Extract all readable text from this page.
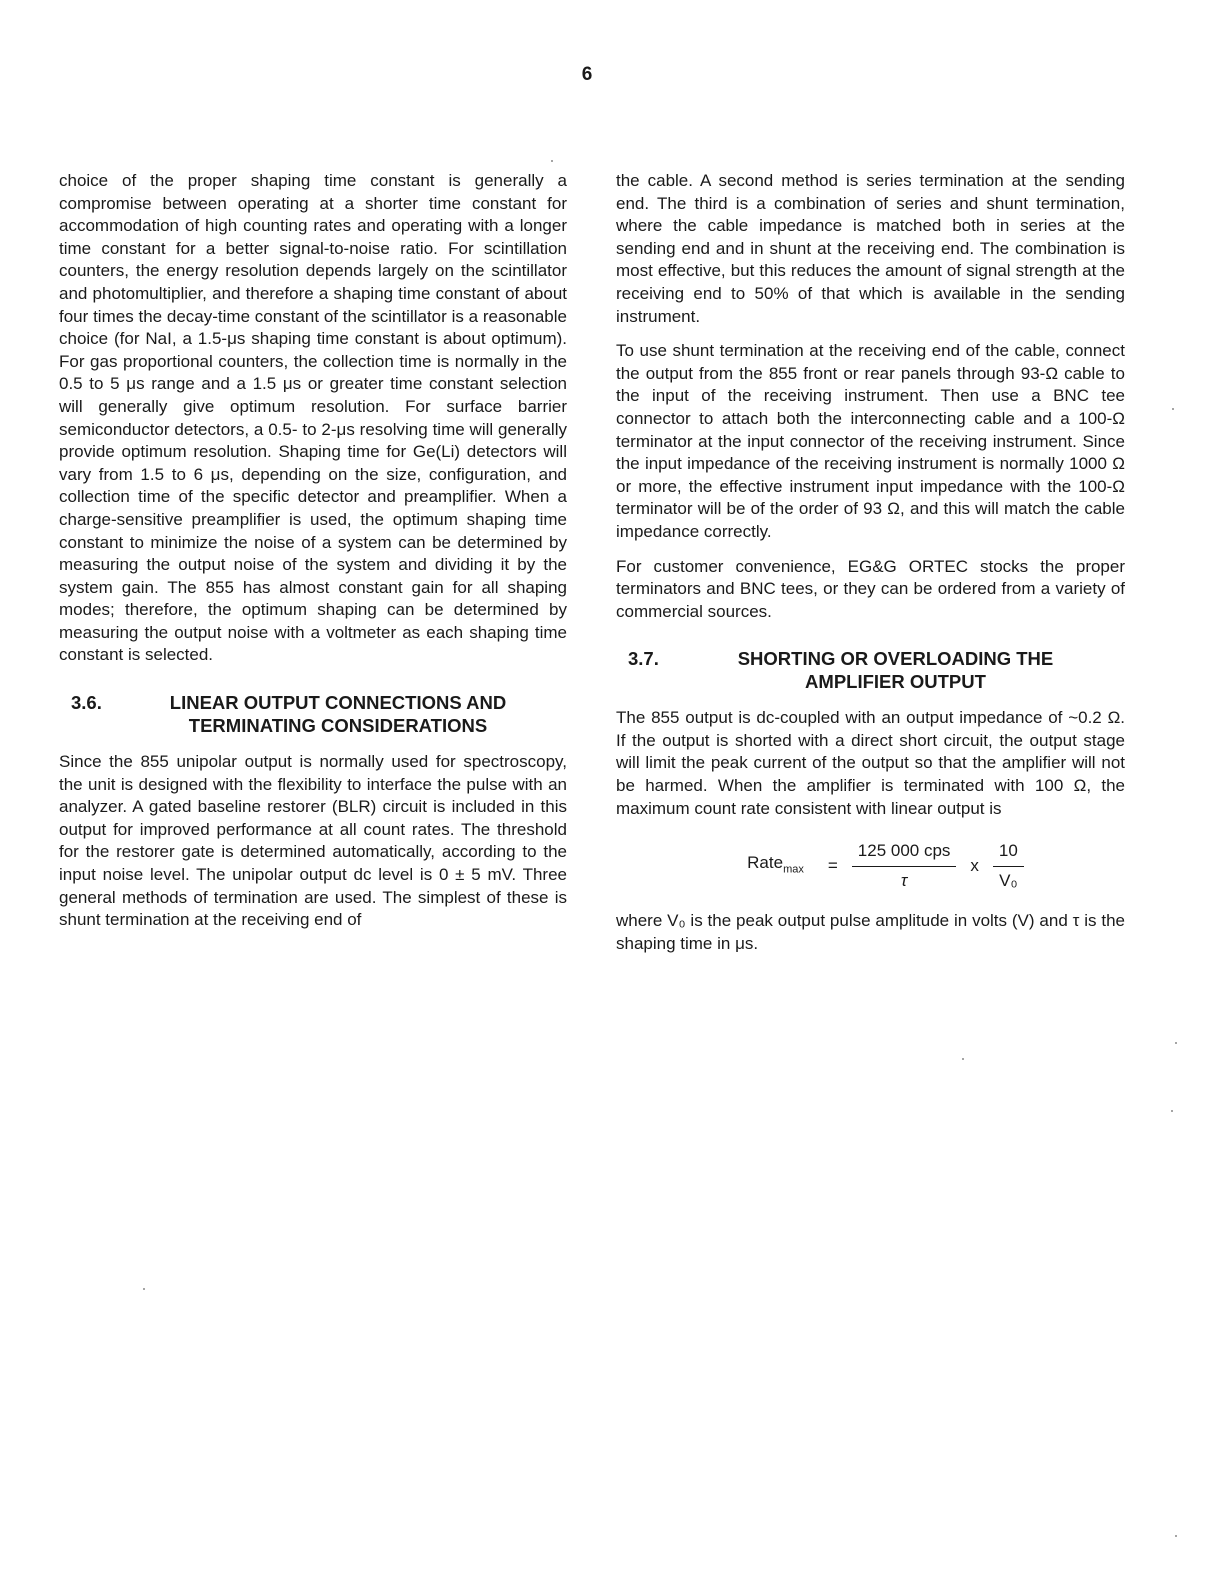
6

choice of the proper shaping time constant is generally a compromise between operating at a shorter time constant for accommodation of high counting rates and operating with a longer time constant for a better signal-to-noise ratio. For scintillation counters, the energy resolution depends largely on the scintillator and photomultiplier, and therefore a shaping time constant of about four times the decay-time constant of the scintillator is a reasonable choice (for NaI, a 1.5-μs shaping time constant is about optimum). For gas proportional counters, the collection time is normally in the 0.5 to 5 μs range and a 1.5 μs or greater time constant selection will generally give optimum resolution. For surface barrier semiconductor detectors, a 0.5- to 2-μs resolving time will generally provide optimum resolution. Shaping time for Ge(Li) detectors will vary from 1.5 to 6 μs, depending on the size, configuration, and collection time of the specific detector and preamplifier. When a charge-sensitive preamplifier is used, the optimum shaping time constant to minimize the noise of a system can be determined by measuring the output noise of the system and dividing it by the system gain. The 855 has almost constant gain for all shaping modes; therefore, the optimum shaping can be determined by measuring the output noise with a voltmeter as each shaping time constant is selected.

3.6.	LINEAR OUTPUT CONNECTIONS AND TERMINATING CONSIDERATIONS

Since the 855 unipolar output is normally used for spectroscopy, the unit is designed with the flexibility to interface the pulse with an analyzer. A gated baseline restorer (BLR) circuit is included in this output for improved performance at all count rates. The threshold for the restorer gate is determined automatically, according to the input noise level. The unipolar output dc level is 0 ± 5 mV. Three general methods of termination are used. The simplest of these is shunt termination at the receiving end of

the cable. A second method is series termination at the sending end. The third is a combination of series and shunt termination, where the cable impedance is matched both in series at the sending end and in shunt at the receiving end. The combination is most effective, but this reduces the amount of signal strength at the receiving end to 50% of that which is available in the sending instrument.

To use shunt termination at the receiving end of the cable, connect the output from the 855 front or rear panels through 93-Ω cable to the input of the receiving instrument. Then use a BNC tee connector to attach both the interconnecting cable and a 100-Ω terminator at the input connector of the receiving instrument. Since the input impedance of the receiving instrument is normally 1000 Ω or more, the effective instrument input impedance with the 100-Ω terminator will be of the order of 93 Ω, and this will match the cable impedance correctly.

For customer convenience, EG&G ORTEC stocks the proper terminators and BNC tees, or they can be ordered from a variety of commercial sources.

3.7.	SHORTING OR OVERLOADING THE AMPLIFIER OUTPUT

The 855 output is dc-coupled with an output impedance of ~0.2 Ω. If the output is shorted with a direct short circuit, the output stage will limit the peak current of the output so that the amplifier will not be harmed. When the amplifier is terminated with 100 Ω, the maximum count rate consistent with linear output is

Rate$_{max}$ = $\frac{\text{125 000 cps}}{\tau}$ x $\frac{10}{\text{V₀}}$

where V₀ is the peak output pulse amplitude in volts (V) and τ is the shaping time in μs.
